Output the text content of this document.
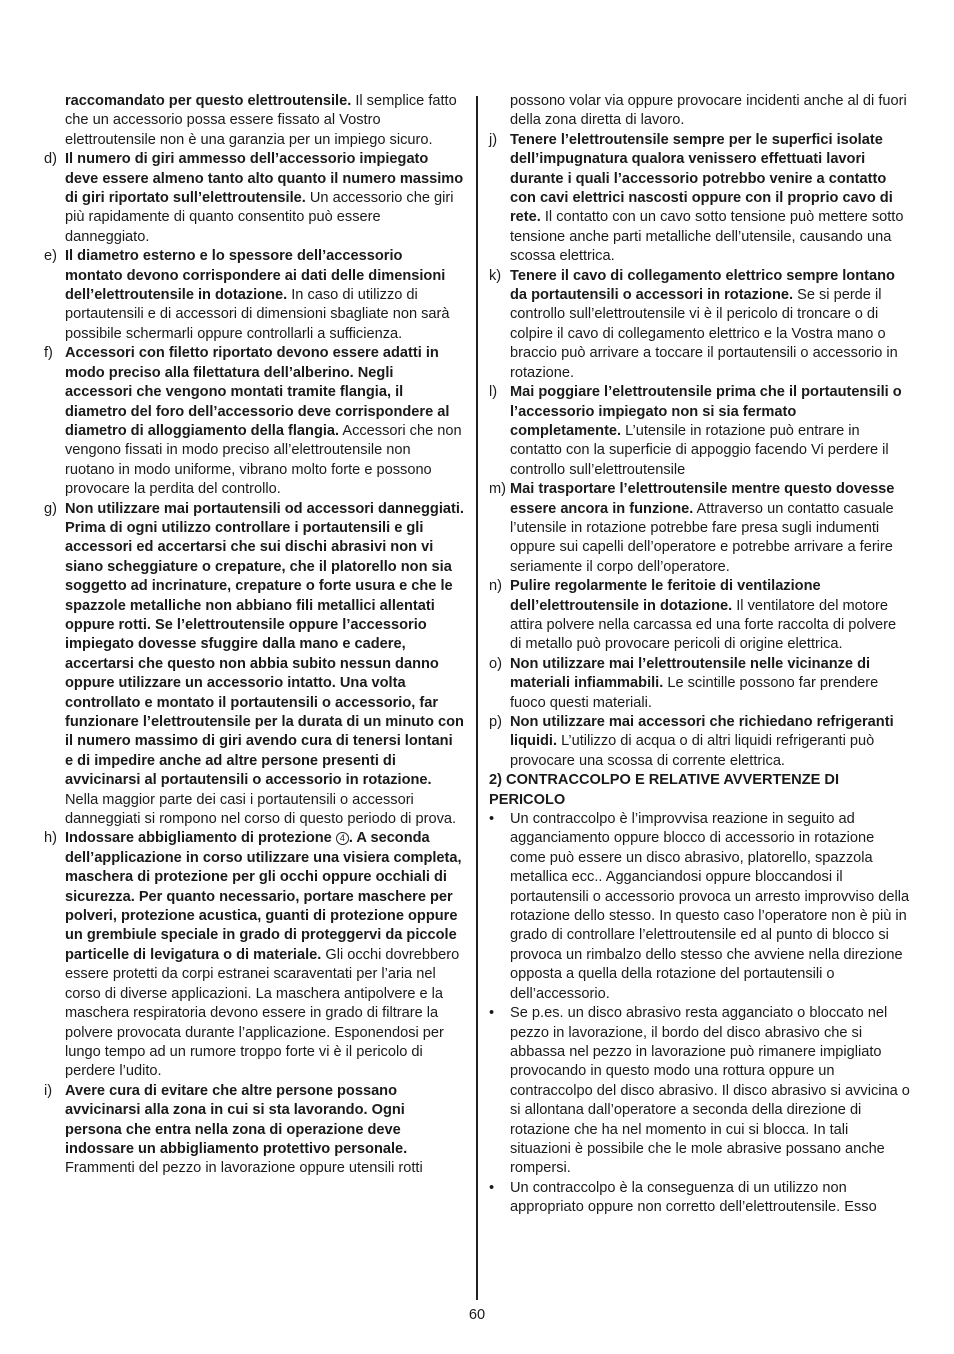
raccomandato per questo elettroutensile. Il semplice fatto che un accessorio possa essere fissato al Vostro elettroutensile non è una garanzia per un impiego sicuro.
d) Il numero di giri ammesso dell’accessorio impiegato deve essere almeno tanto alto quanto il numero massimo di giri riportato sull’elettroutensile. Un accessorio che giri più rapidamente di quanto consentito può essere danneggiato.
e) Il diametro esterno e lo spessore dell’accessorio montato devono corrispondere ai dati delle dimensioni dell’elettroutensile in dotazione. In caso di utilizzo di portautensili e di accessori di dimensioni sbagliate non sarà possibile schermarli oppure controllarli a sufficienza.
f) Accessori con filetto riportato devono essere adatti in modo preciso alla filettatura dell’alberino. Negli accessori che vengono montati tramite flangia, il diametro del foro dell’accessorio deve corrispondere al diametro di alloggiamento della flangia. Accessori che non vengono fissati in modo preciso all’elettroutensile non ruotano in modo uniforme, vibrano molto forte e possono provocare la perdita del controllo.
g) Non utilizzare mai portautensili od accessori danneggiati. Prima di ogni utilizzo controllare i portautensili e gli accessori ed accertarsi che sui dischi abrasivi non vi siano scheggiature o crepature, che il platorello non sia soggetto ad incrinature, crepature o forte usura e che le spazzole metalliche non abbiano fili metallici allentati oppure rotti. Se l’elettroutensile oppure l’accessorio impiegato dovesse sfuggire dalla mano e cadere, accertarsi che questo non abbia subito nessun danno oppure utilizzare un accessorio intatto. Una volta controllato e montato il portautensili o accessorio, far funzionare l’elettroutensile per la durata di un minuto con il numero massimo di giri avendo cura di tenersi lontani e di impedire anche ad altre persone presenti di avvicinarsi al portautensili o accessorio in rotazione. Nella maggior parte dei casi i portautensili o accessori danneggiati si rompono nel corso di questo periodo di prova.
h) Indossare abbigliamento di protezione 4 . A seconda dell’applicazione in corso utilizzare una visiera completa, maschera di protezione per gli occhi oppure occhiali di sicurezza. Per quanto necessario, portare maschere per polveri, protezione acustica, guanti di protezione oppure un grembiule speciale in grado di proteggervi da piccole particelle di levigatura o di materiale. Gli occhi dovrebbero essere protetti da corpi estranei scaraventati per l’aria nel corso di diverse applicazioni. La maschera antipolvere e la maschera respiratoria devono essere in grado di filtrare la polvere provocata durante l’applicazione. Esponendosi per lungo tempo ad un rumore troppo forte vi è il pericolo di perdere l’udito.
i) Avere cura di evitare che altre persone possano avvicinarsi alla zona in cui si sta lavorando. Ogni persona che entra nella zona di operazione deve indossare un abbigliamento protettivo personale. Frammenti del pezzo in lavorazione oppure utensili rotti
possono volar via oppure provocare incidenti anche al di fuori della zona diretta di lavoro.
j) Tenere l’elettroutensile sempre per le superfici isolate dell’impugnatura qualora venissero effettuati lavori durante i quali l’accessorio potrebbo venire a contatto con cavi elettrici nascosti oppure con il proprio cavo di rete. Il contatto con un cavo sotto tensione può mettere sotto tensione anche parti metalliche dell’utensile, causando una scossa elettrica.
k) Tenere il cavo di collegamento elettrico sempre lontano da portautensili o accessori in rotazione. Se si perde il controllo sull’elettroutensile vi è il pericolo di troncare o di colpire il cavo di collegamento elettrico e la Vostra mano o braccio può arrivare a toccare il portautensili o accessorio in rotazione.
l) Mai poggiare l’elettroutensile prima che il portautensili o l’accessorio impiegato non si sia fermato completamente. L’utensile in rotazione può entrare in contatto con la superficie di appoggio facendo Vi perdere il controllo sull’elettroutensile
m) Mai trasportare l’elettroutensile mentre questo dovesse essere ancora in funzione. Attraverso un contatto casuale l’utensile in rotazione potrebbe fare presa sugli indumenti oppure sui capelli dell’operatore e potrebbe arrivare a ferire seriamente il corpo dell’operatore.
n) Pulire regolarmente le feritoie di ventilazione dell’elettroutensile in dotazione. Il ventilatore del motore attira polvere nella carcassa ed una forte raccolta di polvere di metallo può provocare pericoli di origine elettrica.
o) Non utilizzare mai l’elettroutensile nelle vicinanze di materiali infiammabili. Le scintille possono far prendere fuoco questi materiali.
p) Non utilizzare mai accessori che richiedano refrigeranti liquidi. L’utilizzo di acqua o di altri liquidi refrigeranti può provocare una scossa di corrente elettrica.
2) CONTRACCOLPO E RELATIVE AVVERTENZE DI PERICOLO
• Un contraccolpo è l’improvvisa reazione in seguito ad agganciamento oppure blocco di accessorio in rotazione come può essere un disco abrasivo, platorello, spazzola metallica ecc.. Agganciandosi oppure bloccandosi il portautensili o accessorio provoca un arresto improvviso della rotazione dello stesso. In questo caso l’operatore non è più in grado di controllare l’elettroutensile ed al punto di blocco si provoca un rimbalzo dello stesso che avviene nella direzione opposta a quella della rotazione del portautensili o dell’accessorio.
• Se p.es. un disco abrasivo resta agganciato o bloccato nel pezzo in lavorazione, il bordo del disco abrasivo che si abbassa nel pezzo in lavorazione può rimanere impigliato provocando in questo modo una rottura oppure un contraccolpo del disco abrasivo. Il disco abrasivo si avvicina o si allontana dall’operatore a seconda della direzione di rotazione che ha nel momento in cui si blocca. In tali situazioni è possibile che le mole abrasive possano anche rompersi.
• Un contraccolpo è la conseguenza di un utilizzo non appropriato oppure non corretto dell’elettroutensile. Esso
60
